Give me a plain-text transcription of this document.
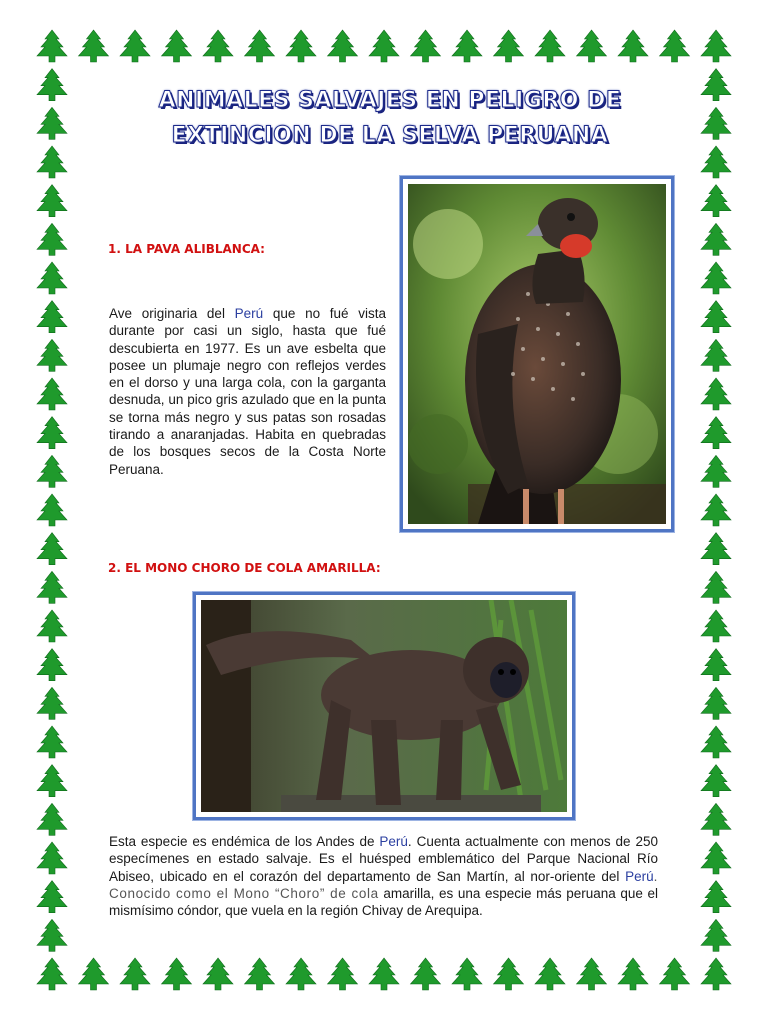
ANIMALES SALVAJES EN PELIGRO DE
EXTINCION DE LA SELVA PERUANA
1. LA PAVA ALIBLANCA:
Ave originaria del Perú que no fué vista durante por casi un siglo, hasta que fué descubierta en 1977. Es un ave esbelta que posee un plumaje negro con reflejos verdes en el dorso y una larga cola, con la garganta desnuda, un pico gris azulado que en la punta se torna más negro y sus patas son rosadas tirando a anaranjadas. Habita en quebradas de los bosques secos de la Costa Norte Peruana.
2. EL MONO CHORO DE COLA AMARILLA:
Esta especie es endémica de los Andes de Perú. Cuenta actualmente con menos de 250 especímenes en estado salvaje. Es el huésped emblemático del Parque Nacional Río Abiseo, ubicado en el corazón del departamento de San Martín, al nor-oriente del Perú. Conocido como el Mono “Choro” de cola amarilla, es una especie más peruana que el mismísimo cóndor, que vuela en la región Chivay de Arequipa.
